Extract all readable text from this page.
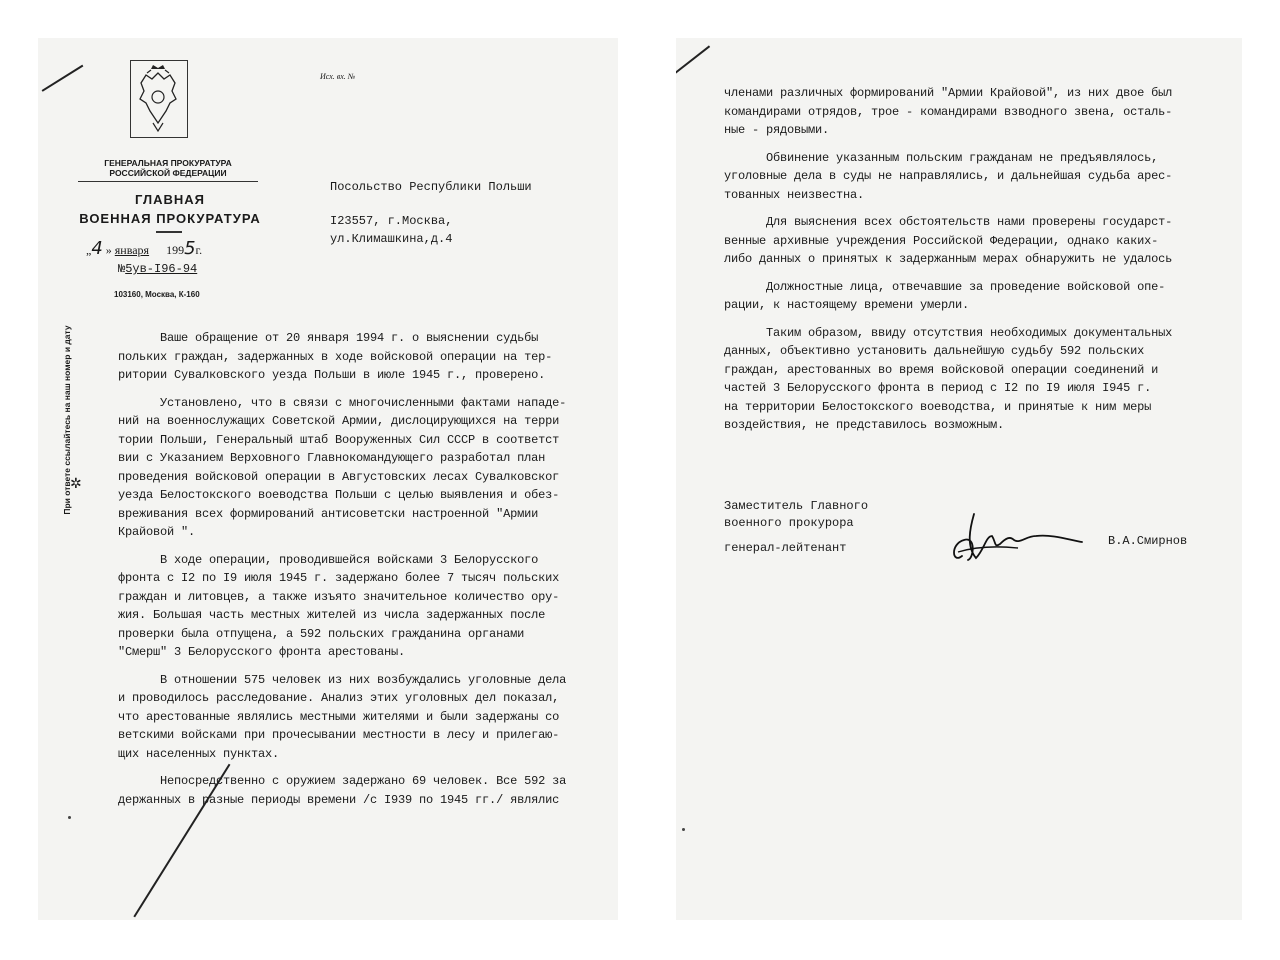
Исх. вх. №
ГЕНЕРАЛЬНАЯ ПРОКУРАТУРА
РОССИЙСКОЙ ФЕДЕРАЦИИ
ГЛАВНАЯ
ВОЕННАЯ ПРОКУРАТУРА
„4 » января 1995г.
№5ув-I96-94
103160, Москва, К-160
Посольство Республики Польши
I23557, г.Москва,
ул.Климашкина,д.4
При ответе ссылайтесь на наш номер и дату
✲

Ваше обращение от 20 января 1994 г. о выяснении судьбы
польких граждан, задержанных в ходе войсковой операции на тер-
ритории Сувалковского уезда Польши в июле 1945 г., проверено.

Установлено, что в связи с многочисленными фактами нападе-
ний на военнослужащих Советской Армии, дислоцирующихся на терри
тории Польши, Генеральный штаб Вооруженных Сил СССР в соответст
вии с Указанием Верховного Главнокомандующего разработал план
проведения войсковой операции в Августовских лесах Сувалковског
уезда Белостокского воеводства Польши с целью выявления и обез-
вреживания всех формирований антисоветски настроенной "Армии
Крайовой ".

В ходе операции, проводившейся войсками 3 Белорусского
фронта с I2 по I9 июля 1945 г. задержано более 7 тысяч польских
граждан и литовцев, а также изъято значительное количество ору-
жия. Большая часть местных жителей из числа задержанных после
проверки была отпущена, а 592 польских гражданина органами
"Смерш" 3 Белорусского фронта арестованы.

В отношении 575 человек из них возбуждались уголовные дела
и проводилось расследование. Анализ этих уголовных дел показал,
что арестованные являлись местными жителями и были задержаны со
ветскими войсками при прочесывании местности в лесу и прилегаю-
щих населенных пунктах.

Непосредственно с оружием задержано 69 человек. Все 592 за
держанных в разные периоды времени /с I939 по 1945 гг./ являлис

членами различных формирований "Армии Крайовой", из них двое был
командирами отрядов, трое - командирами взводного звена, осталь-
ные - рядовыми.

Обвинение указанным польским гражданам не предъявлялось,
уголовные дела в суды не направлялись, и дальнейшая судьба арес-
тованных неизвестна.

Для выяснения всех обстоятельств нами проверены государст-
венные архивные учреждения Российской Федерации, однако каких-
либо данных о принятых к задержанным мерах обнаружить не удалось

Должностные лица, отвечавшие за проведение войсковой опе-
рации, к настоящему времени умерли.

Таким образом, ввиду отсутствия необходимых документальных
данных, объективно установить дальнейшую судьбу 592 польских
граждан, арестованных во время войсковой операции соединений и
частей 3 Белорусского фронта в период с I2 по I9 июля I945 г.
на территории Белостокского воеводства, и принятые к ним меры
воздействия, не представилось возможным.

Заместитель Главного
военного прокурора
генерал-лейтенант	В.А.Смирнов
